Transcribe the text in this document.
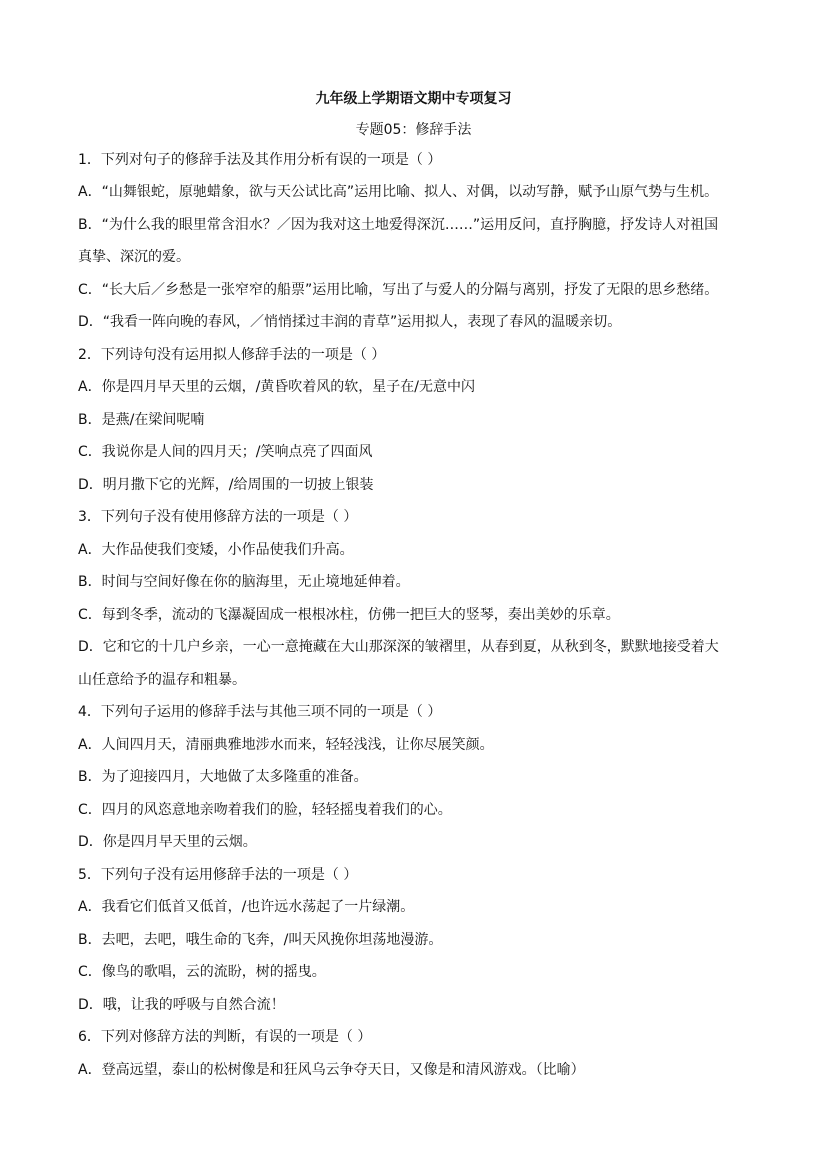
九年级上学期语文期中专项复习
专题05：修辞手法
1．下列对句子的修辞手法及其作用分析有误的一项是（ ）
A．“山舞银蛇，原驰蜡象，欲与天公试比高”运用比喻、拟人、对偶，以动写静，赋予山原气势与生机。
B．“为什么我的眼里常含泪水？／因为我对这土地爱得深沉……”运用反问，直抒胸臆，抒发诗人对祖国
真挚、深沉的爱。
C．“长大后／乡愁是一张窄窄的船票”运用比喻，写出了与爱人的分隔与离别，抒发了无限的思乡愁绪。
D．“我看一阵向晚的春风，／悄悄揉过丰润的青草”运用拟人，表现了春风的温暖亲切。
2．下列诗句没有运用拟人修辞手法的一项是（ ）
A．你是四月早天里的云烟，/黄昏吹着风的软，星子在/无意中闪
B．是燕/在梁间呢喃
C．我说你是人间的四月天；/笑响点亮了四面风
D．明月撒下它的光辉，/给周围的一切披上银装
3．下列句子没有使用修辞方法的一项是（ ）
A．大作品使我们变矮，小作品使我们升高。
B．时间与空间好像在你的脑海里，无止境地延伸着。
C．每到冬季，流动的飞瀑凝固成一根根冰柱，仿佛一把巨大的竖琴，奏出美妙的乐章。
D．它和它的十几户乡亲，一心一意掩藏在大山那深深的皱褶里，从春到夏，从秋到冬，默默地接受着大
山任意给予的温存和粗暴。
4．下列句子运用的修辞手法与其他三项不同的一项是（ ）
A．人间四月天，清丽典雅地涉水而来，轻轻浅浅，让你尽展笑颜。
B．为了迎接四月，大地做了太多隆重的准备。
C．四月的风恣意地亲吻着我们的脸，轻轻摇曳着我们的心。
D．你是四月早天里的云烟。
5．下列句子没有运用修辞手法的一项是（ ）
A．我看它们低首又低首，/也许远水荡起了一片绿潮。
B．去吧，去吧，哦生命的飞奔，/叫天风挽你坦荡地漫游。
C．像鸟的歌唱，云的流盼，树的摇曳。
D．哦，让我的呼吸与自然合流！
6．下列对修辞方法的判断，有误的一项是（ ）
A．登高远望，泰山的松树像是和狂风乌云争夺天日，又像是和清风游戏。（比喻）
